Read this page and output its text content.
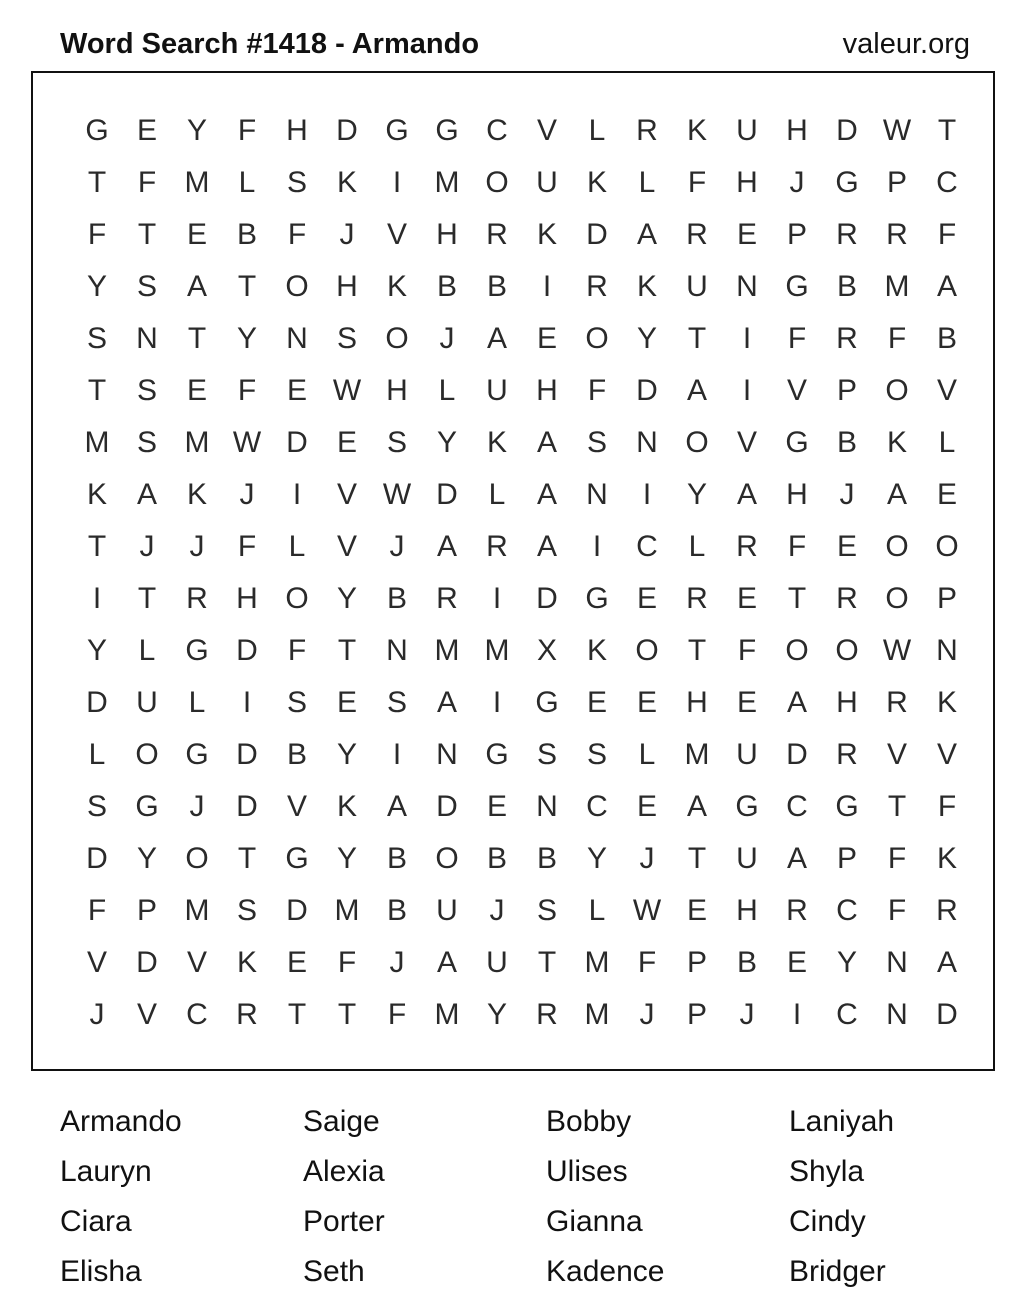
Word Search #1418 - Armando	valeur.org
G E Y	F	H D G G C V	L	R K U H D W T
T	F M L	S K	I	M O U K	L	F	H	J	G P C
F	T	E B	F	J	V H R K D A R E P R R	F
Y S A	T O H K B B	I	R K U N G B M A
S N	T	Y N S O	J	A E O Y	T	I	F	R	F	B
T	S E	F	E W H	L	U H	F	D A	I	V P O V
M S M W D E S Y K A S N O V G B K	L
K A K	J	I	V W D	L	A N	I	Y A H	J	A E
T	J	J	F	L	V	J	A R A	I	C	L	R	F	E O O
I	T	R H O Y B R	I	D G E R E	T	R O P
Y	L G D	F	T	N M M X K O T	F O O W N
D U	L	I	S E S A	I	G E E H E A H R K
L O G D B Y	I	N G S S	L M U D R V V
S G	J	D V K A D E N C E A G C G T	F
D Y O T G Y B O B B Y	J	T	U A P	F	K
F	P M S D M B U	J	S	L W E H R C	F	R
V D V K E	F	J	A U	T M F	P B E Y N A
J	V C R	T	T	F M Y R M	J	P	J	I	C N D
Armando	Saige	Bobby	Laniyah
Lauryn	Alexia	Ulises	Shyla
Ciara	Porter	Gianna	Cindy
Elisha	Seth	Kadence	Bridger
